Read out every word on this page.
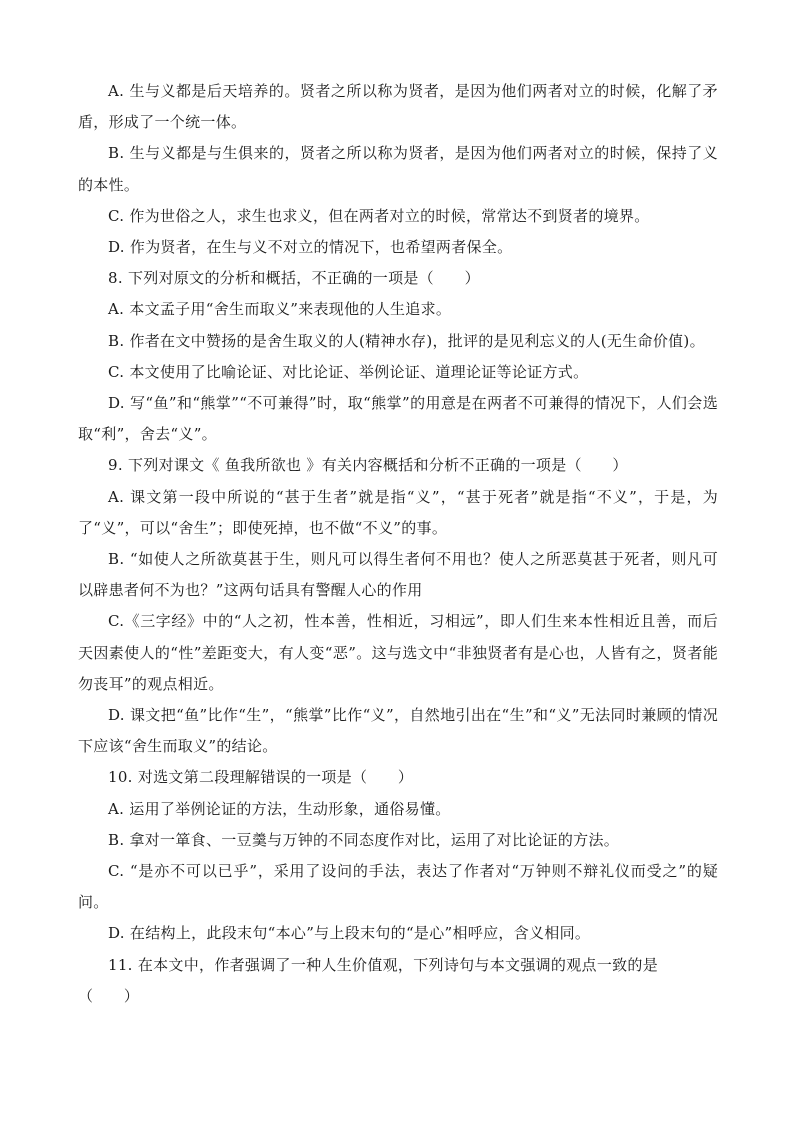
A. 生与义都是后天培养的。贤者之所以称为贤者，是因为他们两者对立的时候，化解了矛盾，形成了一个统一体。

B. 生与义都是与生俱来的，贤者之所以称为贤者，是因为他们两者对立的时候，保持了义的本性。

C. 作为世俗之人，求生也求义，但在两者对立的时候，常常达不到贤者的境界。

D. 作为贤者，在生与义不对立的情况下，也希望两者保全。

8. 下列对原文的分析和概括，不正确的一项是（　　）

A. 本文孟子用“舍生而取义”来表现他的人生追求。

B. 作者在文中赞扬的是舍生取义的人(精神水存)，批评的是见利忘义的人(无生命价值)。

C. 本文使用了比喻论证、对比论证、举例论证、道理论证等论证方式。

D. 写“鱼”和“熊掌”“不可兼得”时，取“熊掌”的用意是在两者不可兼得的情况下，人们会选取“利”，舍去“义”。

9. 下列对课文《 鱼我所欲也 》有关内容概括和分析不正确的一项是（　　）

A. 课文第一段中所说的“甚于生者”就是指“义”，“甚于死者”就是指“不义”，于是，为了“义”，可以“舍生”；即使死掉，也不做“不义”的事。

B. “如使人之所欲莫甚于生，则凡可以得生者何不用也？使人之所恶莫甚于死者，则凡可以辟患者何不为也？”这两句话具有警醒人心的作用

C.《三字经》中的“人之初，性本善，性相近，习相远”，即人们生来本性相近且善，而后天因素使人的“性”差距变大，有人变“恶”。这与选文中“非独贤者有是心也，人皆有之，贤者能勿丧耳”的观点相近。

D. 课文把“鱼”比作“生”，“熊掌”比作“义”，自然地引出在“生”和“义”无法同时兼顾的情况下应该“舍生而取义”的结论。

10. 对选文第二段理解错误的一项是（　　）

A. 运用了举例论证的方法，生动形象，通俗易懂。

B. 拿对一箪食、一豆羹与万钟的不同态度作对比，运用了对比论证的方法。

C. “是亦不可以已乎”，采用了设问的手法，表达了作者对“万钟则不辩礼仪而受之”的疑问。

D. 在结构上，此段末句“本心”与上段末句的“是心”相呼应，含义相同。

11. 在本文中，作者强调了一种人生价值观，下列诗句与本文强调的观点一致的是

（　　）
